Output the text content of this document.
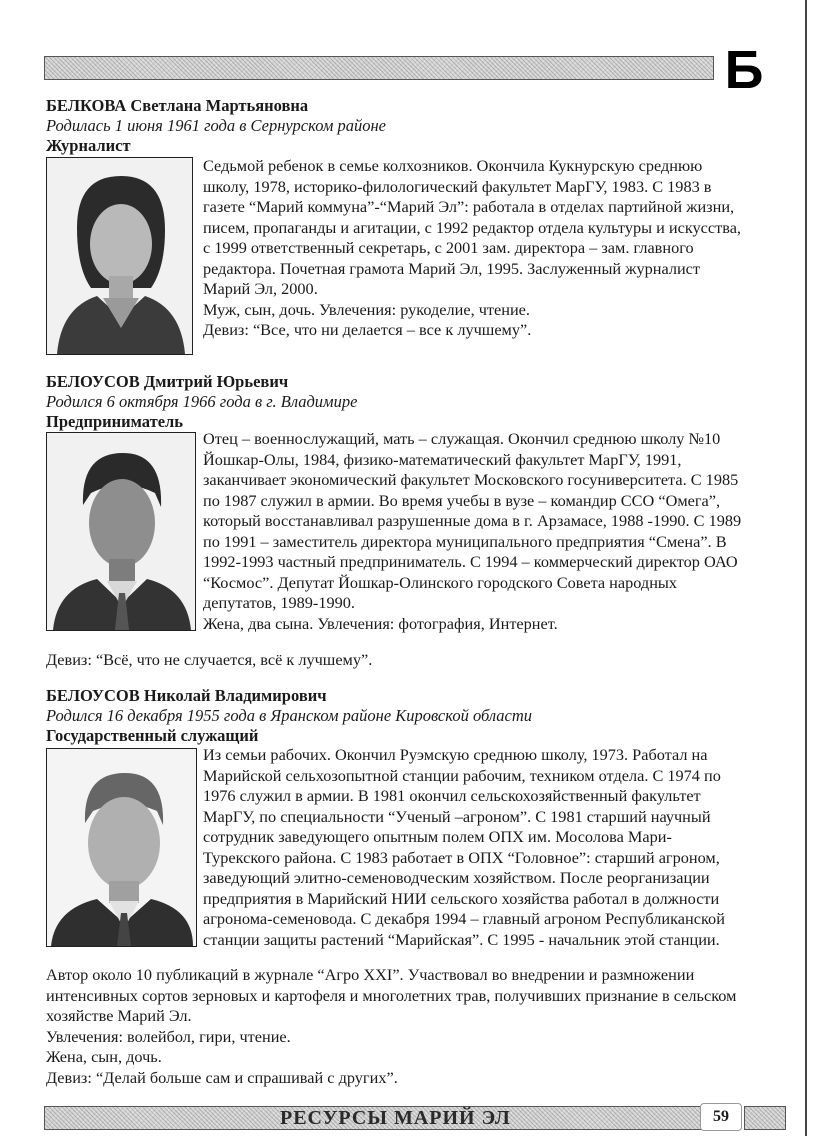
Б
БЕЛКОВА Светлана Мартьяновна
Родилась 1 июня 1961 года в Сернурском районе
Журналист

Седьмой ребенок в семье колхозников. Окончила Кукнурскую среднюю школу, 1978, историко-филологический факультет МарГУ, 1983. С 1983 в газете “Марий коммуна”-“Марий Эл”: работала в отделах партийной жизни, писем, пропаганды и агитации, с 1992 редактор отдела культуры и искусства, с 1999 ответственный секретарь, с 2001 зам. директора – зам. главного редактора. Почетная грамота Марий Эл, 1995. Заслуженный журналист Марий Эл, 2000.

Муж, сын, дочь. Увлечения: рукоделие, чтение.

Девиз: “Все, что ни делается – все к лучшему”.

БЕЛОУСОВ Дмитрий Юрьевич
Родился 6 октября 1966 года в г. Владимире
Предприниматель

Отец – военнослужащий, мать – служащая. Окончил среднюю школу №10 Йошкар-Олы, 1984, физико-математический факультет МарГУ, 1991, заканчивает экономический факультет Московского госуниверситета. С 1985 по 1987 служил в армии. Во время учебы в вузе – командир ССО “Омега”, который восстанавливал разрушенные дома в г. Арзамасе, 1988 -1990. С 1989 по 1991 – заместитель директора муниципального предприятия “Смена”. В 1992-1993 частный предприниматель. С 1994 – коммерческий директор ОАО “Космос”. Депутат Йошкар-Олинского городского Совета народных депутатов, 1989-1990.

Жена, два сына. Увлечения: фотография, Интернет.

Девиз: “Всё, что не случается, всё к лучшему”.

БЕЛОУСОВ Николай Владимирович
Родился 16 декабря 1955 года в Яранском районе Кировской области
Государственный служащий

Из семьи рабочих. Окончил Руэмскую среднюю школу, 1973. Работал на Марийской сельхозопытной станции рабочим, техником отдела. С 1974 по 1976 служил в армии. В 1981 окончил сельскохозяйственный факультет МарГУ, по специальности “Ученый –агроном”. С 1981 старший научный сотрудник заведующего опытным полем ОПХ им. Мосолова Мари-Турекского района. С 1983 работает в ОПХ “Головное”: старший агроном, заведующий элитно-семеноводческим хозяйством. После реорганизации предприятия в Марийский НИИ сельского хозяйства работал в должности агронома-семеновода. С декабря 1994 – главный агроном Республиканской станции защиты растений “Марийская”. С 1995 - начальник этой станции.

Автор около 10 публикаций в журнале “Агро XXI”. Участвовал во внедрении и размножении интенсивных сортов зерновых и картофеля и многолетних трав, получивших признание в сельском хозяйстве Марий Эл.

Увлечения: волейбол, гири, чтение.

Жена, сын, дочь.

Девиз: “Делай больше сам и спрашивай с других”.

РЕСУРСЫ МАРИЙ ЭЛ	59
